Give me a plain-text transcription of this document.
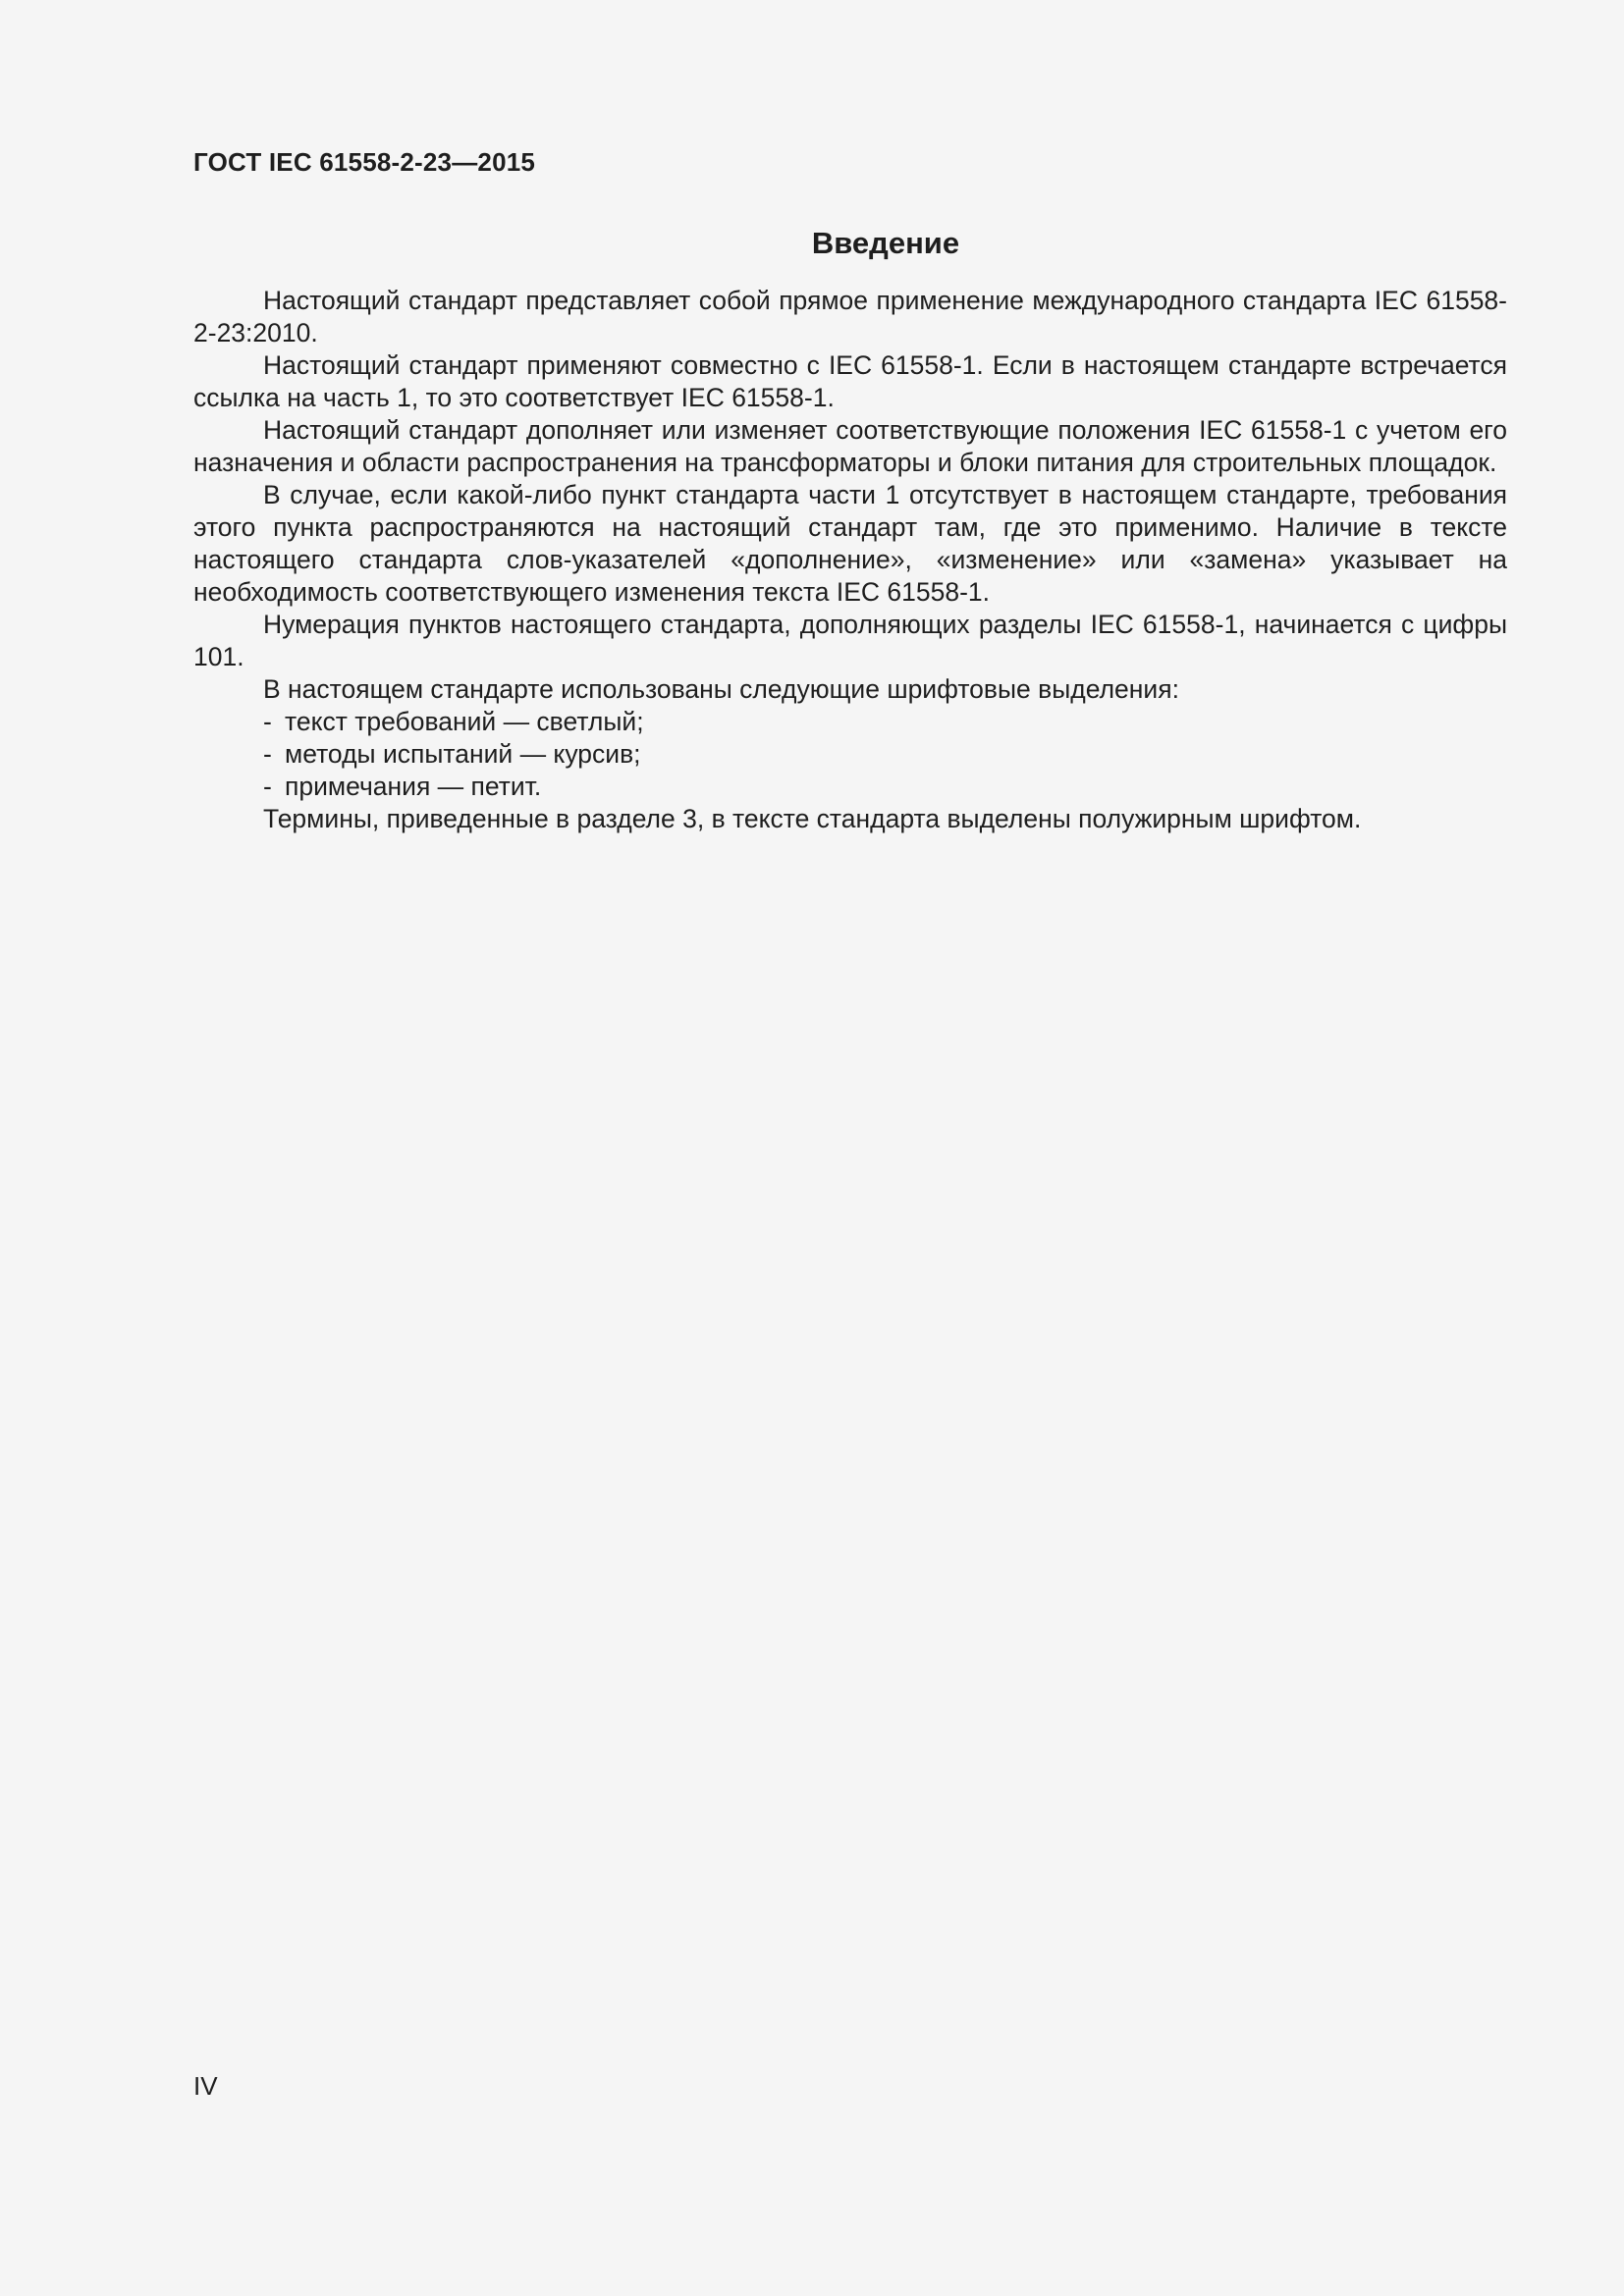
ГОСТ IEC 61558-2-23—2015
Введение

Настоящий стандарт представляет собой прямое применение международного стандарта IEC 61558-2-23:2010.

Настоящий стандарт применяют совместно с IEC 61558-1. Если в настоящем стандарте встречается ссылка на часть 1, то это соответствует IEC 61558-1.

Настоящий стандарт дополняет или изменяет соответствующие положения IEC 61558-1 с учетом его назначения и области распространения на трансформаторы и блоки питания для строительных площадок.

В случае, если какой-либо пункт стандарта части 1 отсутствует в настоящем стандарте, требования этого пункта распространяются на настоящий стандарт там, где это применимо. Наличие в тексте настоящего стандарта слов-указателей «дополнение», «изменение» или «замена» указывает на необходимость соответствующего изменения текста IEC 61558-1.

Нумерация пунктов настоящего стандарта, дополняющих разделы IEC 61558-1, начинается с цифры 101.

В настоящем стандарте использованы следующие шрифтовые выделения:

- текст требований — светлый;
- методы испытаний — курсив;
- примечания — петит.

Термины, приведенные в разделе 3, в тексте стандарта выделены полужирным шрифтом.

IV
